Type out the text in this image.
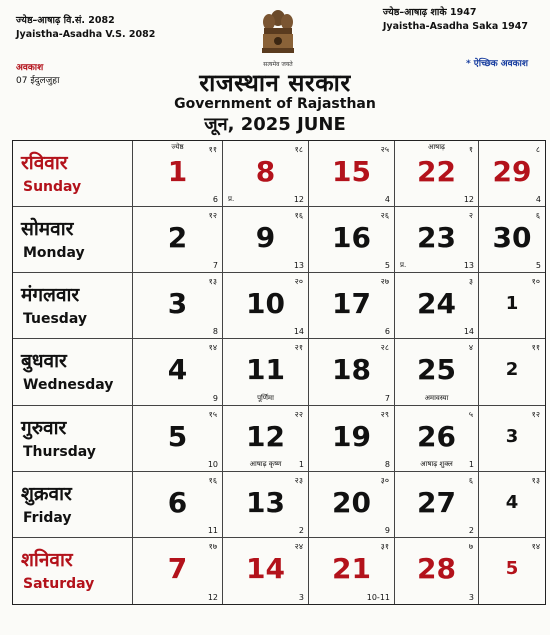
ज्येष्ठ–आषाढ़ वि.सं. 2082
Jyaistha-Asadha V.S. 2082
सत्यमेव जयते
ज्येष्ठ–आषाढ़ शाके 1947
Jyaistha-Asadha Saka 1947
अवकाश
07 ईदुलजुहा
* ऐच्छिक अवकाश
राजस्थान सरकार
Government of Rajasthan
जून, 2025 JUNE
रविवार
Sunday
ज्येष्ठ	११
1
6
१८
8
12
प्र.
२५
15
4
आषाढ़	१
22
12
८
29
4
सोमवार
Monday
१२
2
7
१६
9
13
२६
16
5
२
23
13
प्र.
६
30
5
मंगलवार
Tuesday
१३
3
8
२०
10
14
२७
17
6
३
24
14
१०
1
बुधवार
Wednesday
१४
4
9
२१
11
पूर्णिमा
२८
18
7
४
25
अमावस्या
११
2
गुरुवार
Thursday
१५
5
10
२२
12
1
आषाढ़ कृष्ण
२९
19
8
५
26
1
आषाढ़ शुक्ल
१२
3
शुक्रवार
Friday
१६
6
11
२३
13
2
३०
20
9
६
27
2
१३
4
शनिवार
Saturday
१७
7
12
२४
14
3
३१
21
10-11
७
28
3
१४
5
